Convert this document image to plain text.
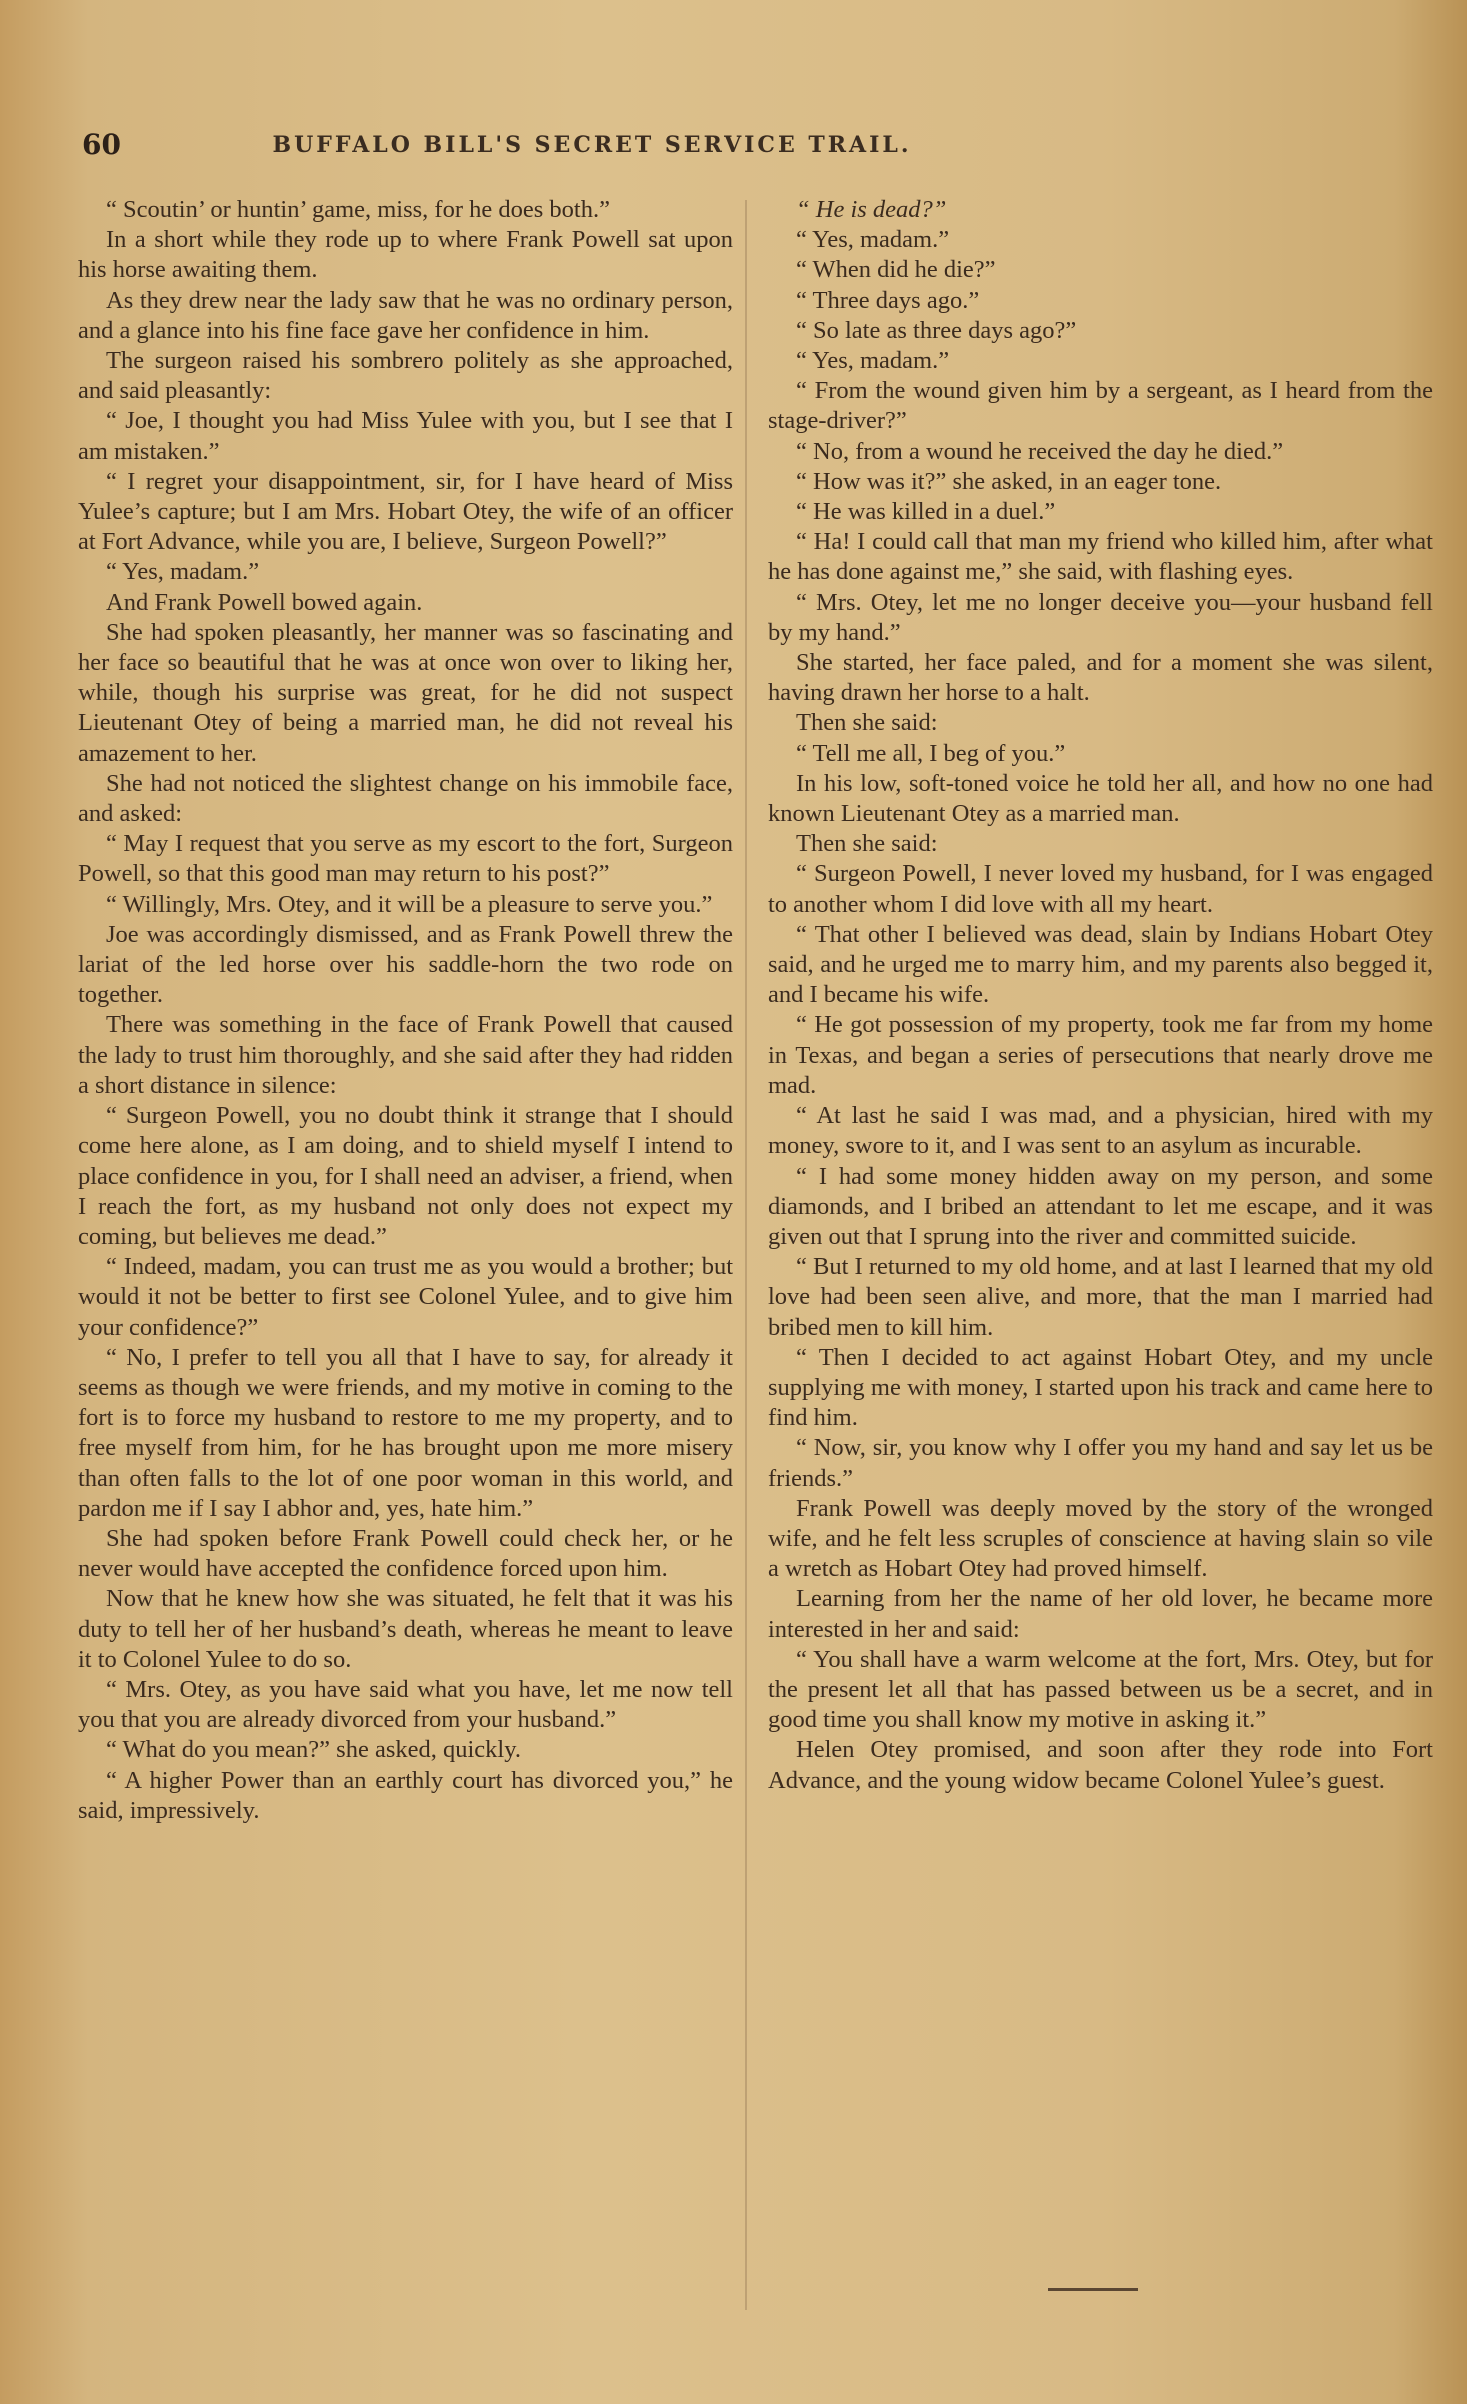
60	BUFFALO BILL'S SECRET SERVICE TRAIL.

“ Scoutin’ or huntin’ game, miss, for he does both.”

In a short while they rode up to where Frank Powell sat upon his horse awaiting them.

As they drew near the lady saw that he was no ordinary person, and a glance into his fine face gave her confidence in him.

The surgeon raised his sombrero politely as she approached, and said pleasantly:

“ Joe, I thought you had Miss Yulee with you, but I see that I am mistaken.”

“ I regret your disappointment, sir, for I have heard of Miss Yulee’s capture; but I am Mrs. Hobart Otey, the wife of an officer at Fort Advance, while you are, I believe, Surgeon Powell?”

“ Yes, madam.”

And Frank Powell bowed again.

She had spoken pleasantly, her manner was so fascinating and her face so beautiful that he was at once won over to liking her, while, though his surprise was great, for he did not suspect Lieutenant Otey of being a married man, he did not reveal his amazement to her.

She had not noticed the slightest change on his immobile face, and asked:

“ May I request that you serve as my escort to the fort, Surgeon Powell, so that this good man may return to his post?”

“ Willingly, Mrs. Otey, and it will be a pleasure to serve you.”

Joe was accordingly dismissed, and as Frank Powell threw the lariat of the led horse over his saddle-horn the two rode on together.

There was something in the face of Frank Powell that caused the lady to trust him thoroughly, and she said after they had ridden a short distance in silence:

“ Surgeon Powell, you no doubt think it strange that I should come here alone, as I am doing, and to shield myself I intend to place confidence in you, for I shall need an adviser, a friend, when I reach the fort, as my husband not only does not expect my coming, but believes me dead.”

“ Indeed, madam, you can trust me as you would a brother; but would it not be better to first see Colonel Yulee, and to give him your confidence?”

“ No, I prefer to tell you all that I have to say, for already it seems as though we were friends, and my motive in coming to the fort is to force my husband to restore to me my property, and to free myself from him, for he has brought upon me more misery than often falls to the lot of one poor woman in this world, and pardon me if I say I abhor and, yes, hate him.”

She had spoken before Frank Powell could check her, or he never would have accepted the confidence forced upon him.

Now that he knew how she was situated, he felt that it was his duty to tell her of her husband’s death, whereas he meant to leave it to Colonel Yulee to do so.

“ Mrs. Otey, as you have said what you have, let me now tell you that you are already divorced from your husband.”

“ What do you mean?” she asked, quickly.

“ A higher Power than an earthly court has divorced you,” he said, impressively.

“ He is dead?”

“ Yes, madam.”

“ When did he die?”

“ Three days ago.”

“ So late as three days ago?”

“ Yes, madam.”

“ From the wound given him by a sergeant, as I heard from the stage-driver?”

“ No, from a wound he received the day he died.”

“ How was it?” she asked, in an eager tone.

“ He was killed in a duel.”

“ Ha! I could call that man my friend who killed him, after what he has done against me,” she said, with flashing eyes.

“ Mrs. Otey, let me no longer deceive you—your husband fell by my hand.”

She started, her face paled, and for a moment she was silent, having drawn her horse to a halt.

Then she said:

“ Tell me all, I beg of you.”

In his low, soft-toned voice he told her all, and how no one had known Lieutenant Otey as a married man.

Then she said:

“ Surgeon Powell, I never loved my husband, for I was engaged to another whom I did love with all my heart.

“ That other I believed was dead, slain by Indians Hobart Otey said, and he urged me to marry him, and my parents also begged it, and I became his wife.

“ He got possession of my property, took me far from my home in Texas, and began a series of persecutions that nearly drove me mad.

“ At last he said I was mad, and a physician, hired with my money, swore to it, and I was sent to an asylum as incurable.

“ I had some money hidden away on my person, and some diamonds, and I bribed an attendant to let me escape, and it was given out that I sprung into the river and committed suicide.

“ But I returned to my old home, and at last I learned that my old love had been seen alive, and more, that the man I married had bribed men to kill him.

“ Then I decided to act against Hobart Otey, and my uncle supplying me with money, I started upon his track and came here to find him.

“ Now, sir, you know why I offer you my hand and say let us be friends.”

Frank Powell was deeply moved by the story of the wronged wife, and he felt less scruples of conscience at having slain so vile a wretch as Hobart Otey had proved himself.

Learning from her the name of her old lover, he became more interested in her and said:

“ You shall have a warm welcome at the fort, Mrs. Otey, but for the present let all that has passed between us be a secret, and in good time you shall know my motive in asking it.”

Helen Otey promised, and soon after they rode into Fort Advance, and the young widow became Colonel Yulee’s guest.
